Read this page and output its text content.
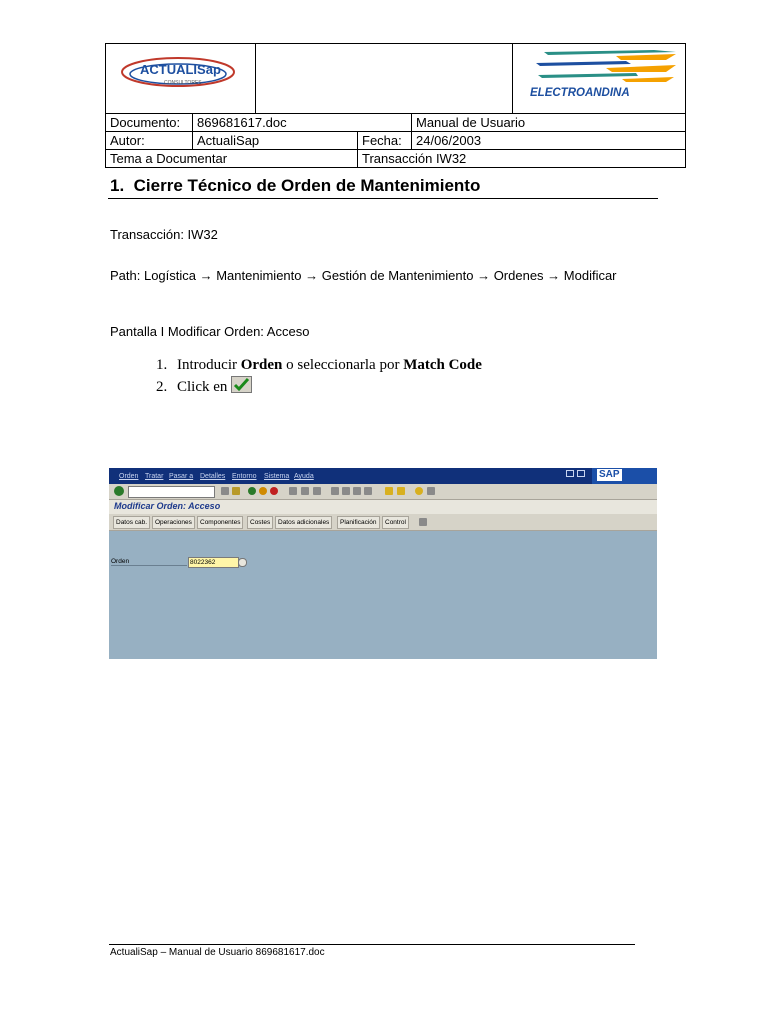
ACTUALISap
CONSULTORES
ELECTROANDINA
Documento:	869681617.doc	Manual de Usuario
Autor:	ActualiSap	Fecha:	24/06/2003
Tema a Documentar	Transacción IW32
1. Cierre Técnico de Orden de Mantenimiento
Transacción: IW32
Path: Logística → Mantenimiento → Gestión de Mantenimiento → Ordenes → Modificar
Pantalla I Modificar Orden: Acceso
1. Introducir Orden o seleccionarla por Match Code
2. Click en
Orden Tratar Pasar a Detalles Entorno Sistema Ayuda	SAP
Modificar Orden: Acceso
Datos cab.	Operaciones	Componentes	Costes	Datos adicionales	Planificación	Control
Orden	8022362
ActualiSap – Manual de Usuario 869681617.doc
